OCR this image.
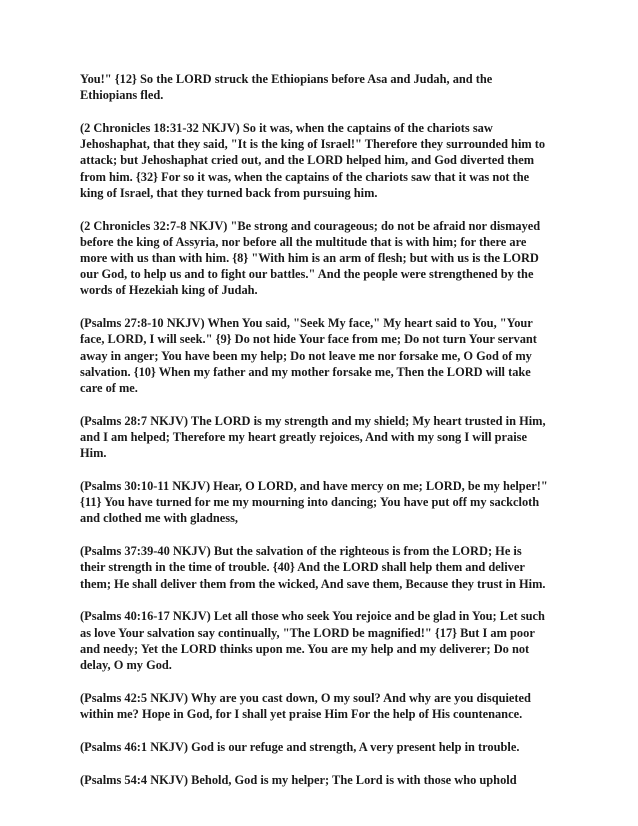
You!" {12} So the LORD struck the Ethiopians before Asa and Judah, and the Ethiopians fled.

(2 Chronicles 18:31-32 NKJV) So it was, when the captains of the chariots saw Jehoshaphat, that they said, "It is the king of Israel!" Therefore they surrounded him to attack; but Jehoshaphat cried out, and the LORD helped him, and God diverted them from him. {32} For so it was, when the captains of the chariots saw that it was not the king of Israel, that they turned back from pursuing him.

(2 Chronicles 32:7-8 NKJV) "Be strong and courageous; do not be afraid nor dismayed before the king of Assyria, nor before all the multitude that is with him; for there are more with us than with him. {8} "With him is an arm of flesh; but with us is the LORD our God, to help us and to fight our battles." And the people were strengthened by the words of Hezekiah king of Judah.

(Psalms 27:8-10 NKJV) When You said, "Seek My face," My heart said to You, "Your face, LORD, I will seek." {9} Do not hide Your face from me; Do not turn Your servant away in anger; You have been my help; Do not leave me nor forsake me, O God of my salvation. {10} When my father and my mother forsake me, Then the LORD will take care of me.

(Psalms 28:7 NKJV) The LORD is my strength and my shield; My heart trusted in Him, and I am helped; Therefore my heart greatly rejoices, And with my song I will praise Him.

(Psalms 30:10-11 NKJV) Hear, O LORD, and have mercy on me; LORD, be my helper!" {11} You have turned for me my mourning into dancing; You have put off my sackcloth and clothed me with gladness,

(Psalms 37:39-40 NKJV) But the salvation of the righteous is from the LORD; He is their strength in the time of trouble. {40} And the LORD shall help them and deliver them; He shall deliver them from the wicked, And save them, Because they trust in Him.

(Psalms 40:16-17 NKJV) Let all those who seek You rejoice and be glad in You; Let such as love Your salvation say continually, "The LORD be magnified!" {17} But I am poor and needy; Yet the LORD thinks upon me. You are my help and my deliverer; Do not delay, O my God.

(Psalms 42:5 NKJV) Why are you cast down, O my soul? And why are you disquieted within me? Hope in God, for I shall yet praise Him For the help of His countenance.

(Psalms 46:1 NKJV) God is our refuge and strength, A very present help in trouble.

(Psalms 54:4 NKJV) Behold, God is my helper; The Lord is with those who uphold
